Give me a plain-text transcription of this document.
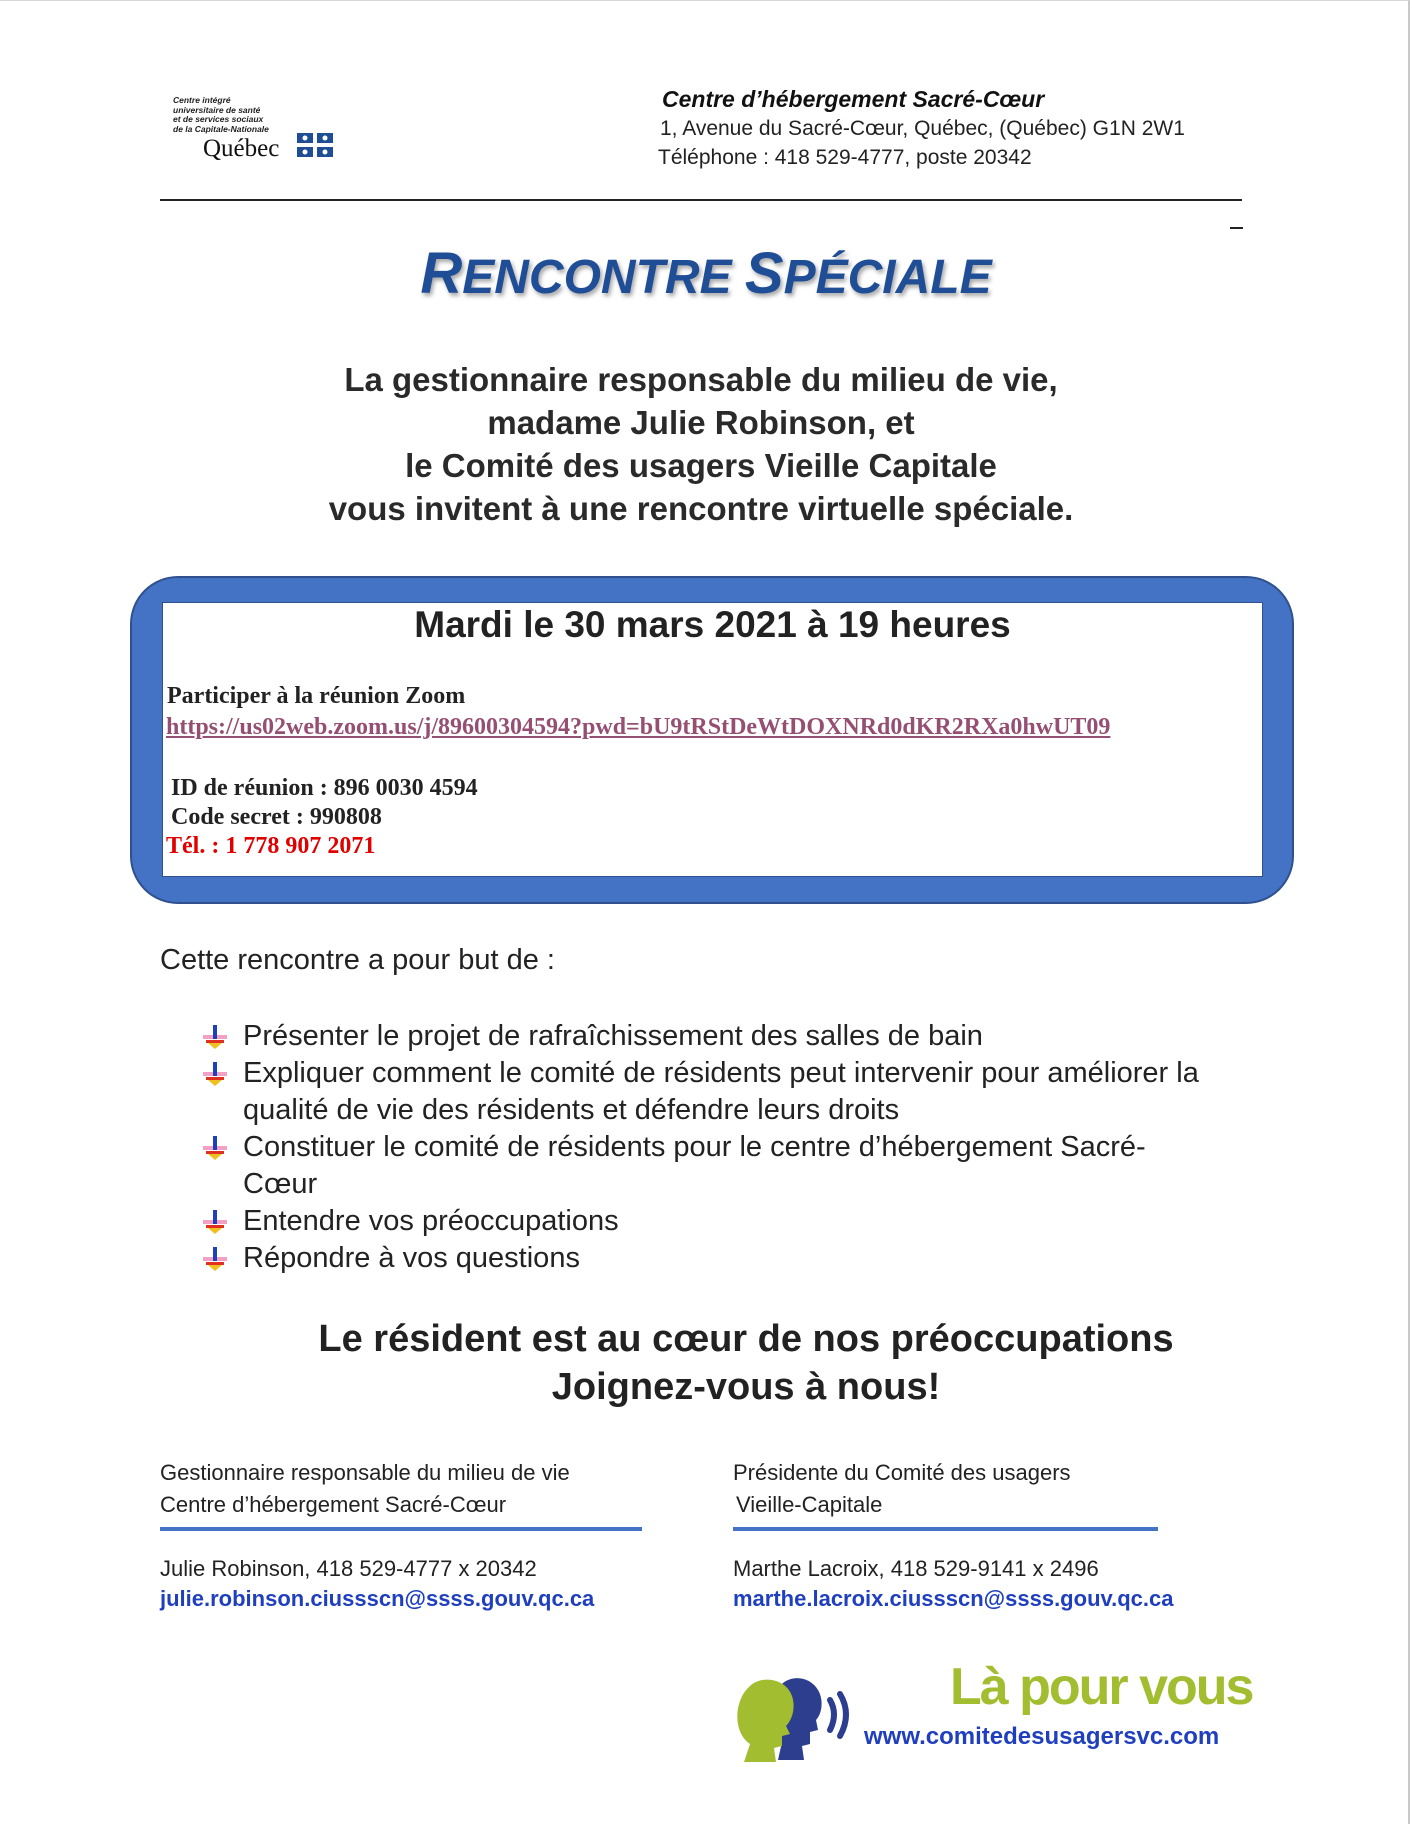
Centre intégré
universitaire de santé
et de services sociaux
de la Capitale-Nationale
Québec
Centre d’hébergement Sacré-Cœur
1, Avenue du Sacré-Cœur, Québec, (Québec) G1N 2W1
Téléphone : 418 529-4777, poste 20342
RENCONTRE SPÉCIALE
La gestionnaire responsable du milieu de vie,
madame Julie Robinson, et
le Comité des usagers Vieille Capitale
vous invitent à une rencontre virtuelle spéciale.
Mardi le 30 mars 2021 à 19 heures
Participer à la réunion Zoom
https://us02web.zoom.us/j/89600304594?pwd=bU9tRStDeWtDOXNRd0dKR2RXa0hwUT09
ID de réunion : 896 0030 4594
Code secret : 990808
Tél. : 1 778 907 2071
Cette rencontre a pour but de :
Présenter le projet de rafraîchissement des salles de bain
Expliquer comment le comité de résidents peut intervenir pour améliorer la qualité de vie des résidents et défendre leurs droits
Constituer le comité de résidents pour le centre d’hébergement Sacré-Cœur
Entendre vos préoccupations
Répondre à vos questions
Le résident est au cœur de nos préoccupations
Joignez-vous à nous!
Gestionnaire responsable du milieu de vie
Centre d’hébergement Sacré-Cœur
Julie Robinson, 418 529-4777 x 20342
julie.robinson.ciussscn@ssss.gouv.qc.ca
Présidente du Comité des usagers
Vieille-Capitale
Marthe Lacroix, 418 529-9141 x 2496
marthe.lacroix.ciussscn@ssss.gouv.qc.ca
Là pour vous
www.comitedesusagersvc.com
